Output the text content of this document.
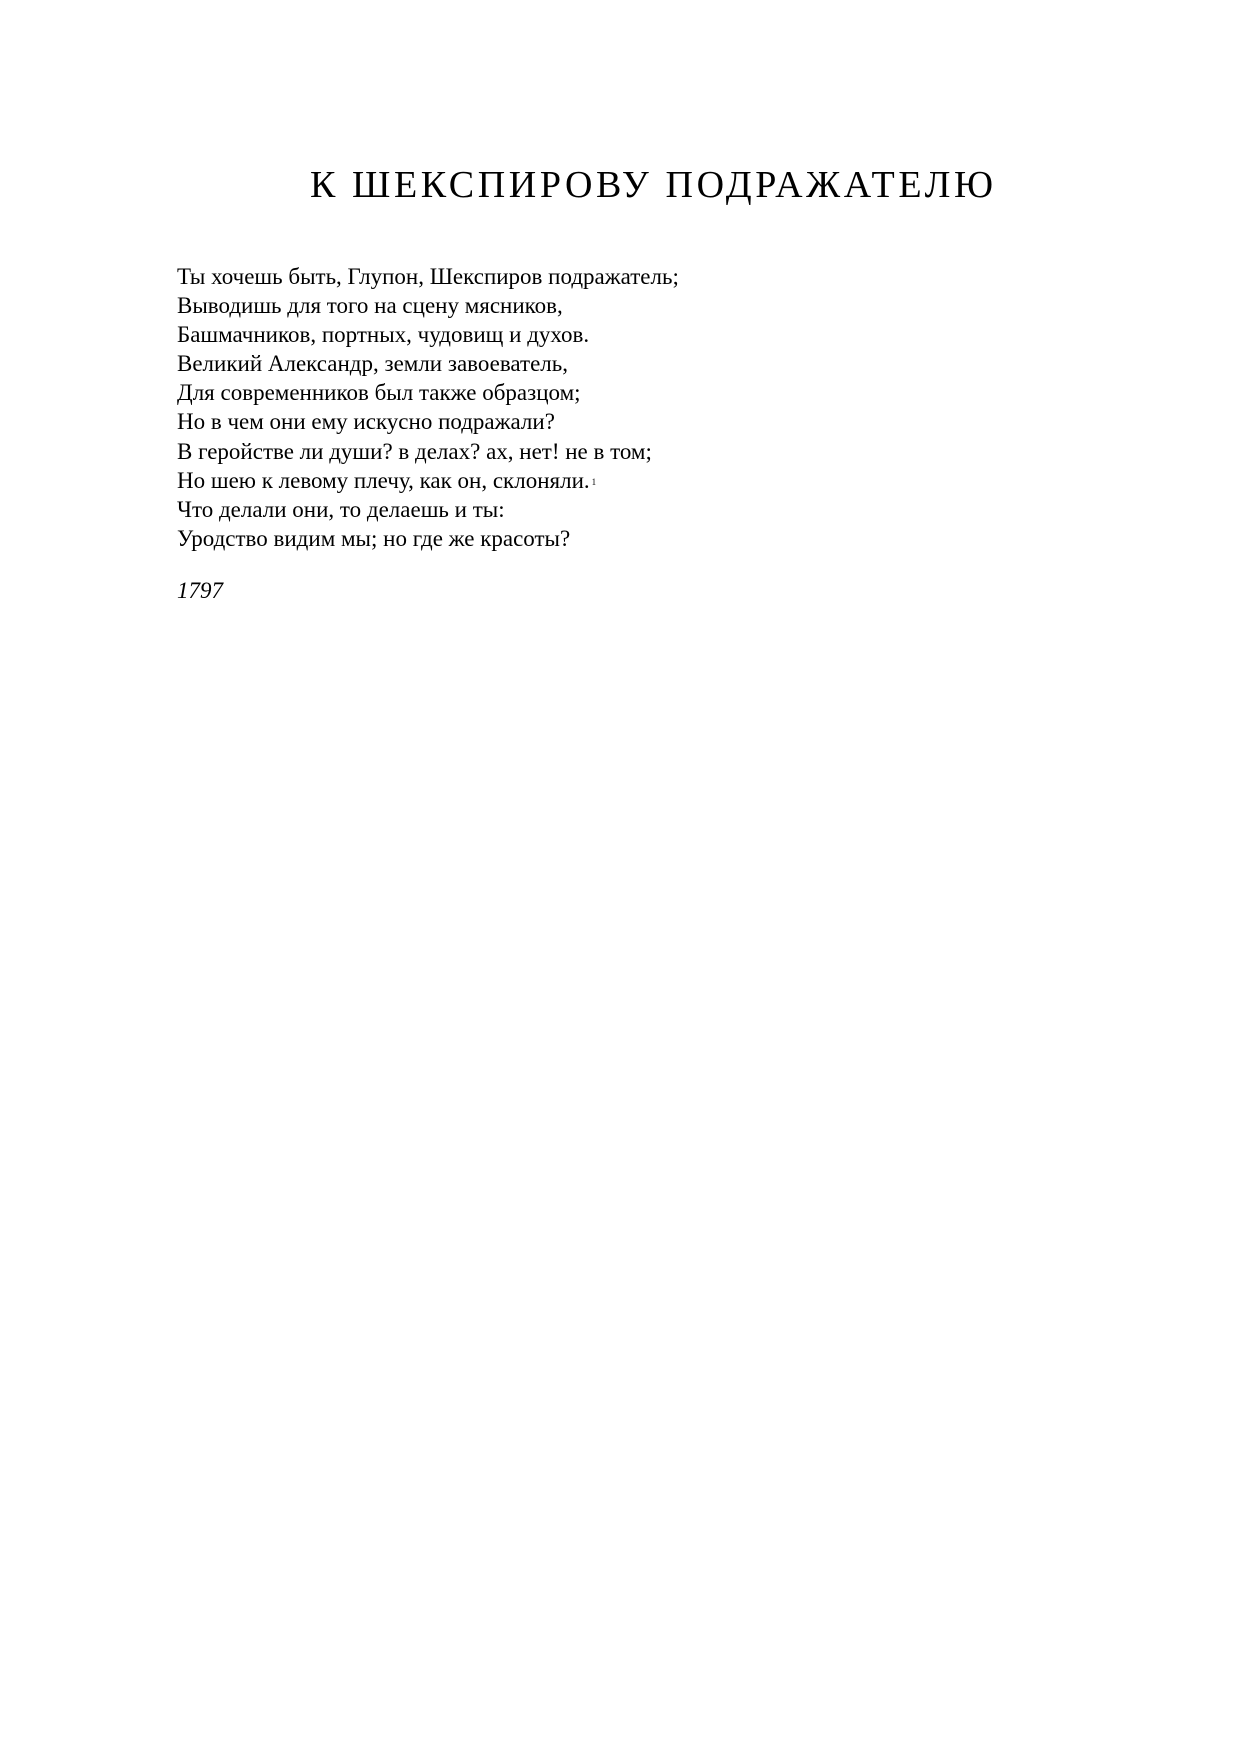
К ШЕКСПИРОВУ ПОДРАЖАТЕЛЮ
Ты хочешь быть, Глупон, Шекспиров подражатель;
Выводишь для того на сцену мясников,
Башмачников, портных, чудовищ и духов.
Великий Александр, земли завоеватель,
Для современников был также образцом;
Но в чем они ему искусно подражали?
В геройстве ли души? в делах? ах, нет! не в том;
Но шею к левому плечу, как он, склоняли. $^1$
Что делали они, то делаешь и ты:
Уродство видим мы; но где же красоты?

1797
